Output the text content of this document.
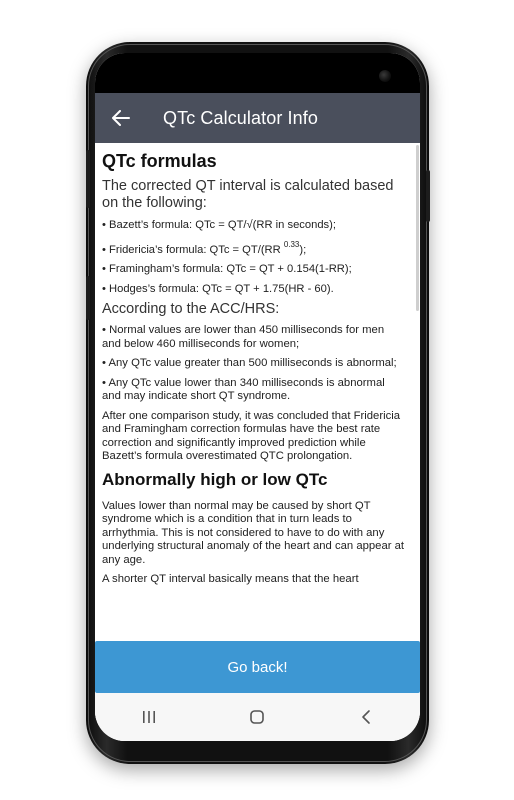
QTc Calculator Info
QTc formulas

The corrected QT interval is calculated based on the following:

• Bazett’s formula: QTc = QT/√(RR in seconds);
• Fridericia’s formula: QTc = QT/(RR $^{0.33}$);
• Framingham’s formula: QTc = QT + 0.154(1-RR);
• Hodges’s formula: QTc = QT + 1.75(HR - 60).

According to the ACC/HRS:

• Normal values are lower than 450 milliseconds for men and below 460 milliseconds for women;
• Any QTc value greater than 500 milliseconds is abnormal;
• Any QTc value lower than 340 milliseconds is abnormal and may indicate short QT syndrome.

After one comparison study, it was concluded that Fridericia and Framingham correction formulas have the best rate correction and significantly improved prediction while Bazett’s formula overestimated QTC prolongation.

Abnormally high or low QTc

Values lower than normal may be caused by short QT syndrome which is a condition that in turn leads to arrhythmia. This is not considered to have to do with any underlying structural anomaly of the heart and can appear at any age.

A shorter QT interval basically means that the heart

Go back!
